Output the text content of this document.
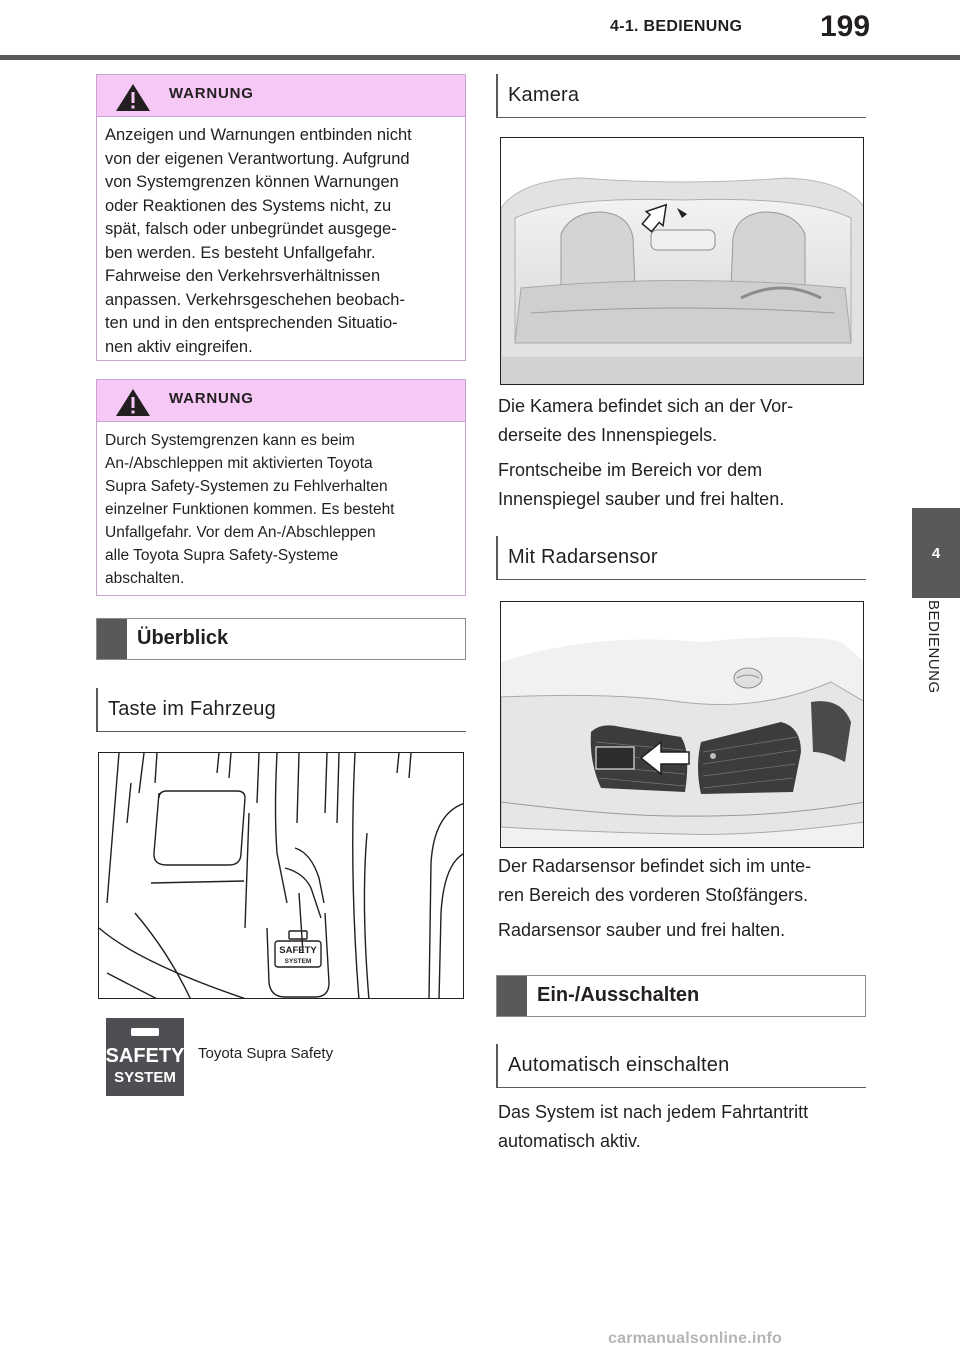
4-1. BEDIENUNG	199
4
BEDIENUNG
WARNUNG
Anzeigen und Warnungen entbinden nicht
von der eigenen Verantwortung. Aufgrund
von Systemgrenzen können Warnungen
oder Reaktionen des Systems nicht, zu
spät, falsch oder unbegründet ausgege-
ben werden. Es besteht Unfallgefahr.
Fahrweise den Verkehrsverhältnissen
anpassen. Verkehrsgeschehen beobach-
ten und in den entsprechenden Situatio-
nen aktiv eingreifen.
WARNUNG
Durch Systemgrenzen kann es beim
An-/Abschleppen mit aktivierten Toyota
Supra Safety-Systemen zu Fehlverhalten
einzelner Funktionen kommen. Es besteht
Unfallgefahr. Vor dem An-/Abschleppen
alle Toyota Supra Safety-Systeme
abschalten.
Überblick
Taste im Fahrzeug
SAFETY
SYSTEM
SAFETY
SYSTEM
Toyota Supra Safety
Kamera
Die Kamera befindet sich an der Vor-
derseite des Innenspiegels.
Frontscheibe im Bereich vor dem
Innenspiegel sauber und frei halten.
Mit Radarsensor
Der Radarsensor befindet sich im unte-
ren Bereich des vorderen Stoßfängers.
Radarsensor sauber und frei halten.
Ein-/Ausschalten
Automatisch einschalten
Das System ist nach jedem Fahrtantritt
automatisch aktiv.
carmanualsonline.info
